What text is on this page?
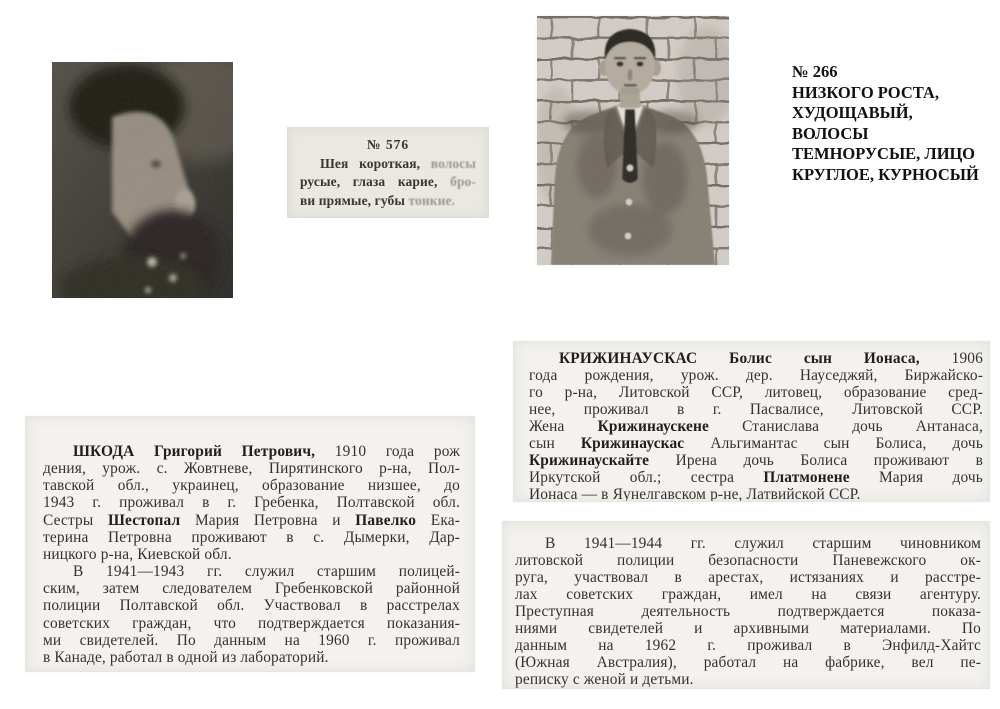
№ 576
Шея короткая, волосы
русые, глаза карие, бро-
ви прямые, губы тонкие.
№ 266
НИЗКОГО РОСТА,
ХУДОЩАВЫЙ,
ВОЛОСЫ
ТЕМНОРУСЫЕ, ЛИЦО
КРУГЛОЕ, КУРНОСЫЙ
ШКОДА Григорий Петрович, 1910 года рож
дения, урож. с. Жовтневе, Пирятинского р-на, Пол-
тавской обл., украинец, образование низшее, до
1943 г. проживал в г. Гребенка, Полтавской обл.
Сестры Шестопал Мария Петровна и Павелко Ека-
терина Петровна проживают в с. Дымерки, Дар-
ницкого р-на, Киевской обл.
В 1941—1943 гг. служил старшим полицей-
ским, затем следователем Гребенковской районной
полиции Полтавской обл. Участвовал в расстрелах
советских граждан, что подтверждается показания-
ми свидетелей. По данным на 1960 г. проживал
в Канаде, работал в одной из лабораторий.
КРИЖИНАУСКАС Болис сын Ионаса, 1906
года рождения, урож. дер. Науседжяй, Биржайско-
го р-на, Литовской ССР, литовец, образование сред-
нее, проживал в г. Пасвалисе, Литовской ССР.
Жена Крижинаускене Станислава дочь Антанаса,
сын Крижинаускас Альгимантас сын Болиса, дочь
Крижинаускайте Ирена дочь Болиса проживают в
Иркутской обл.; сестра Платмонене Мария дочь
Ионаса — в Яунелгавском р-не, Латвийской ССР.
В 1941—1944 гг. служил старшим чиновником
литовской полиции безопасности Паневежского ок-
руга, участвовал в арестах, истязаниях и расстре-
лах советских граждан, имел на связи агентуру.
Преступная деятельность подтверждается показа-
ниями свидетелей и архивными материалами. По
данным на 1962 г. проживал в Энфилд-Хайтс
(Южная Австралия), работал на фабрике, вел пе-
реписку с женой и детьми.
